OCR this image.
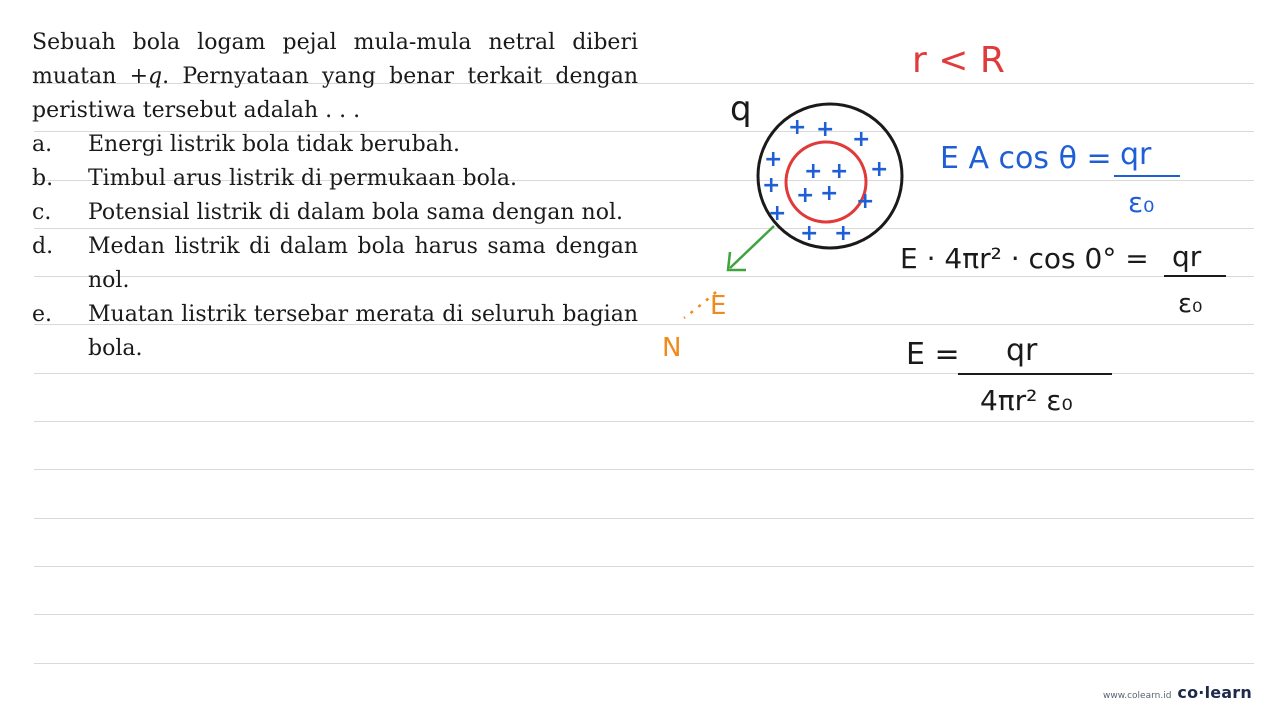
Sebuah bola logam pejal mula-mula netral diberi muatan +q. Pernyataan yang benar terkait dengan peristiwa tersebut adalah . . .

a.	Energi listrik bola tidak berubah.
b.	Timbul arus listrik di permukaan bola.
c.	Potensial listrik di dalam bola sama dengan nol.
d.	Medan listrik di dalam bola harus sama dengan nol.
e.	Muatan listrik tersebar merata di seluruh bagian bola.
r < R
q + + +
+ + + +
+ + + +
+
+ +
E
N
E A cos θ = qr
ε₀
E · 4πr² · cos 0° = qr
ε₀
E = qr
4πr² ε₀
www.colearn.id co·learn
